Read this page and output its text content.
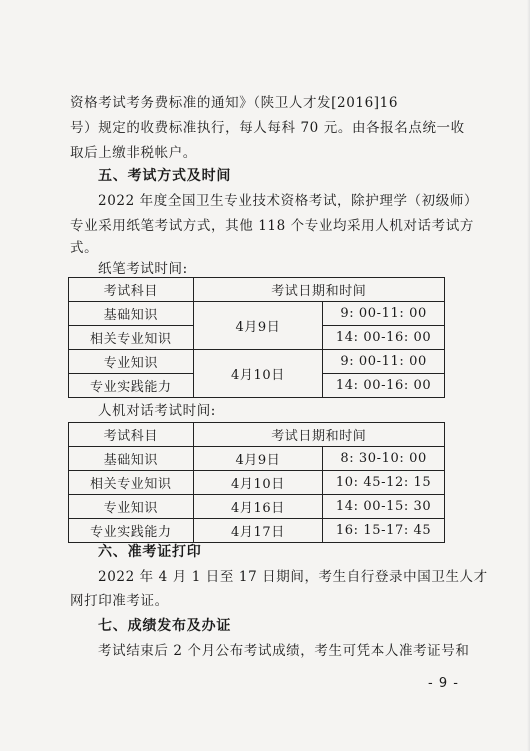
资格考试考务费标准的通知》（陕卫人才发[2016]16
号）规定的收费标准执行，每人每科 70 元。由各报名点统一收
取后上缴非税帐户。
五、考试方式及时间
2022 年度全国卫生专业技术资格考试，除护理学（初级师）
专业采用纸笔考试方式，其他 118 个专业均采用人机对话考试方
式。
纸笔考试时间:
考试科目	考试日期和时间	
基础知识	4月9日	9: 00-11: 00
相关专业知识		14: 00-16: 00
专业知识	4月10日	9: 00-11: 00
专业实践能力		14: 00-16: 00
人机对话考试时间:
考试科目	考试日期和时间	
基础知识	4月9日	8: 30-10: 00
相关专业知识	4月10日	10: 45-12: 15
专业知识	4月16日	14: 00-15: 30
专业实践能力	4月17日	16: 15-17: 45
六、准考证打印
2022 年 4 月 1 日至 17 日期间，考生自行登录中国卫生人才
网打印准考证。
七、成绩发布及办证
考试结束后 2 个月公布考试成绩，考生可凭本人准考证号和
- 9 -
